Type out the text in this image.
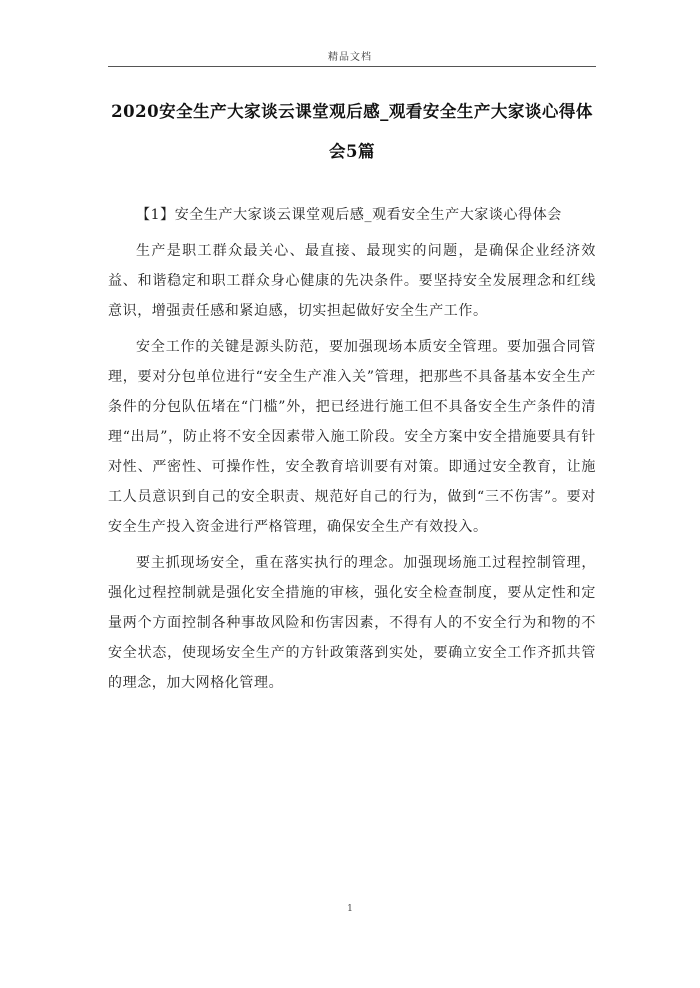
精品文档
2020安全生产大家谈云课堂观后感_观看安全生产大家谈心得体会5篇

【1】安全生产大家谈云课堂观后感_观看安全生产大家谈心得体会

生产是职工群众最关心、最直接、最现实的问题，是确保企业经济效益、和谐稳定和职工群众身心健康的先决条件。要坚持安全发展理念和红线意识，增强责任感和紧迫感，切实担起做好安全生产工作。

安全工作的关键是源头防范，要加强现场本质安全管理。要加强合同管理，要对分包单位进行“安全生产准入关”管理，把那些不具备基本安全生产条件的分包队伍堵在“门槛”外，把已经进行施工但不具备安全生产条件的清理“出局”，防止将不安全因素带入施工阶段。安全方案中安全措施要具有针对性、严密性、可操作性，安全教育培训要有对策。即通过安全教育，让施工人员意识到自己的安全职责、规范好自己的行为，做到“三不伤害”。要对安全生产投入资金进行严格管理，确保安全生产有效投入。

要主抓现场安全，重在落实执行的理念。加强现场施工过程控制管理，强化过程控制就是强化安全措施的审核，强化安全检查制度，要从定性和定量两个方面控制各种事故风险和伤害因素，不得有人的不安全行为和物的不安全状态，使现场安全生产的方针政策落到实处，要确立安全工作齐抓共管的理念，加大网格化管理。

1
